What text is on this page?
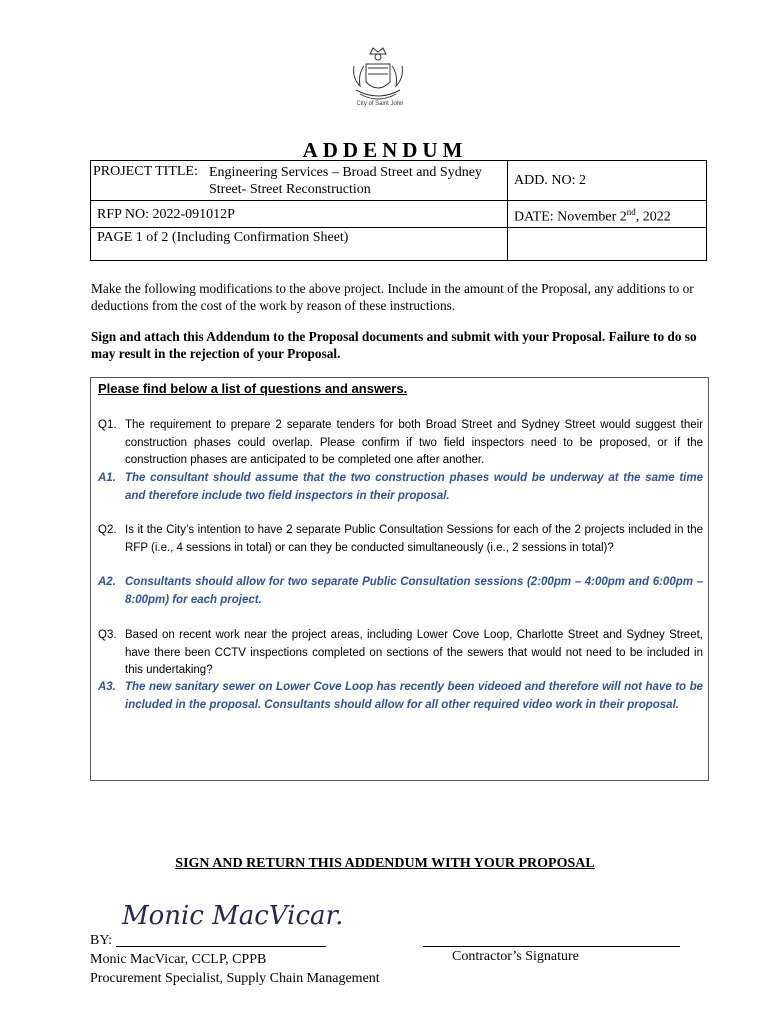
City of Saint John
ADDENDUM
PROJECT TITLE: Engineering Services – Broad Street and Sydney
Street- Street Reconstruction	ADD. NO: 2
RFP NO: 2022-091012P	DATE: November 2nd, 2022
PAGE 1 of 2 (Including Confirmation Sheet)	
Make the following modifications to the above project. Include in the amount of the Proposal, any additions to or deductions from the cost of the work by reason of these instructions.
Sign and attach this Addendum to the Proposal documents and submit with your Proposal. Failure to do so may result in the rejection of your Proposal.
Please find below a list of questions and answers.
Q1. The requirement to prepare 2 separate tenders for both Broad Street and Sydney Street would suggest their construction phases could overlap. Please confirm if two field inspectors need to be proposed, or if the construction phases are anticipated to be completed one after another.
A1. The consultant should assume that the two construction phases would be underway at the same time and therefore include two field inspectors in their proposal.
Q2. Is it the City’s intention to have 2 separate Public Consultation Sessions for each of the 2 projects included in the RFP (i.e., 4 sessions in total) or can they be conducted simultaneously (i.e., 2 sessions in total)?
A2. Consultants should allow for two separate Public Consultation sessions (2:00pm – 4:00pm and 6:00pm – 8:00pm) for each project.
Q3. Based on recent work near the project areas, including Lower Cove Loop, Charlotte Street and Sydney Street, have there been CCTV inspections completed on sections of the sewers that would not need to be included in this undertaking?
A3. The new sanitary sewer on Lower Cove Loop has recently been videoed and therefore will not have to be included in the proposal. Consultants should allow for all other required video work in their proposal.
SIGN AND RETURN THIS ADDENDUM WITH YOUR PROPOSAL
Monic MacVicar.
BY:
Monic MacVicar, CCLP, CPPB
Procurement Specialist, Supply Chain Management
Contractor’s Signature
